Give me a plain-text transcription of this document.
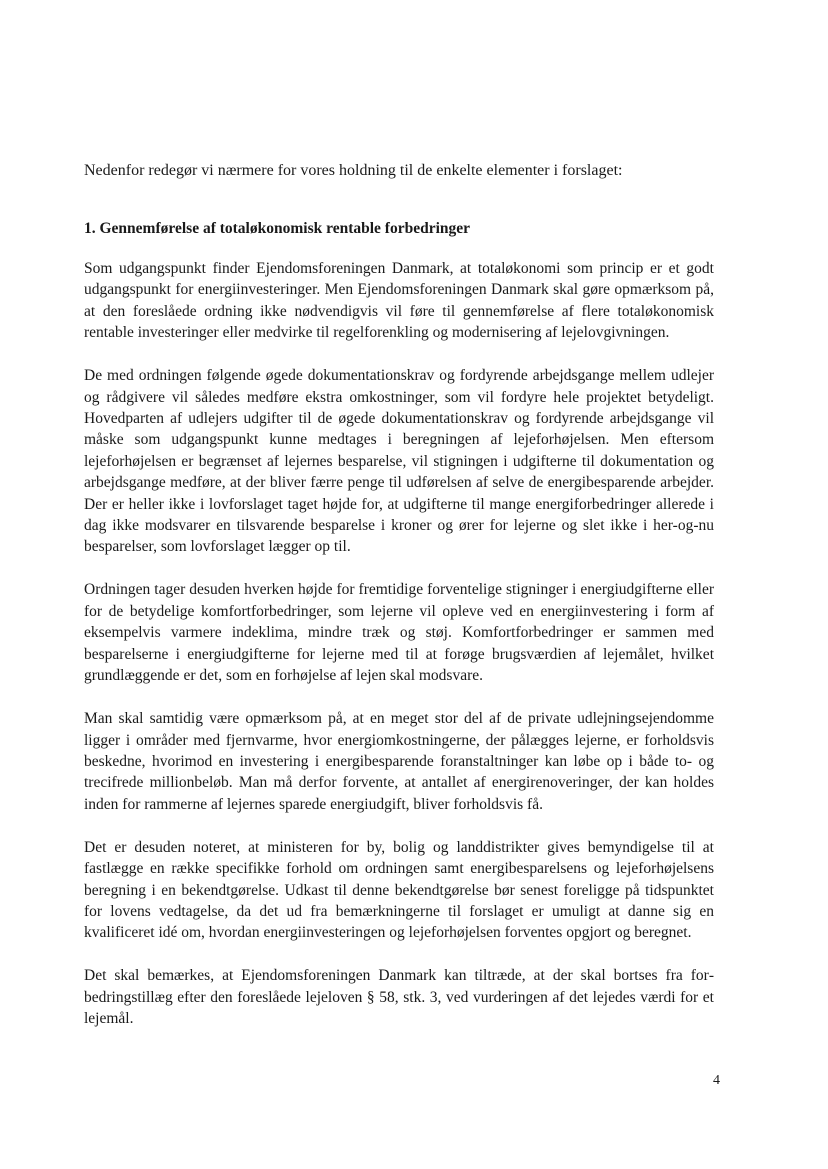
Nedenfor redegør vi nærmere for vores holdning til de enkelte elementer i forslaget:

1. Gennemførelse af totaløkonomisk rentable forbedringer

Som udgangspunkt finder Ejendomsforeningen Danmark, at totaløkonomi som princip er et godt udgangspunkt for energiinvesteringer. Men Ejendomsforeningen Danmark skal gøre opmærksom på, at den foreslåede ordning ikke nødvendigvis vil føre til gennemførelse af flere totaløkonomisk rentable investeringer eller medvirke til regelforenkling og modernisering af lejelovgivningen.

De med ordningen følgende øgede dokumentationskrav og fordyrende arbejdsgange mellem udlejer og rådgivere vil således medføre ekstra omkostninger, som vil fordyre hele projektet betydeligt. Hovedparten af udlejers udgifter til de øgede dokumentationskrav og fordyrende arbejdsgange vil måske som udgangspunkt kunne medtages i beregningen af lejeforhøjelsen. Men eftersom lejeforhøjelsen er begrænset af lejernes besparelse, vil stigningen i udgifterne til dokumentation og arbejdsgange medføre, at der bliver færre penge til udførelsen af selve de energibesparende arbejder. Der er heller ikke i lovforslaget taget højde for, at udgifterne til mange energiforbedringer allerede i dag ikke modsvarer en tilsvarende besparelse i kroner og ører for lejerne og slet ikke i her-og-nu besparelser, som lovforslaget lægger op til.

Ordningen tager desuden hverken højde for fremtidige forventelige stigninger i energiudgifterne eller for de betydelige komfortforbedringer, som lejerne vil opleve ved en energiinvestering i form af eksempelvis varmere indeklima, mindre træk og støj. Komfortforbedringer er sammen med besparelserne i energiudgifterne for lejerne med til at forøge brugsværdien af lejemålet, hvilket grundlæggende er det, som en forhøjelse af lejen skal modsvare.

Man skal samtidig være opmærksom på, at en meget stor del af de private udlejningsejendomme ligger i områder med fjernvarme, hvor energiomkostningerne, der pålægges lejerne, er forholdsvis beskedne, hvorimod en investering i energibesparende foranstaltninger kan løbe op i både to- og trecifrede millionbeløb. Man må derfor forvente, at antallet af energirenoveringer, der kan holdes inden for rammerne af lejernes sparede energiudgift, bliver forholdsvis få.

Det er desuden noteret, at ministeren for by, bolig og landdistrikter gives bemyndigelse til at fastlægge en række specifikke forhold om ordningen samt energibesparelsens og lejeforhøjelsens beregning i en bekendtgørelse. Udkast til denne bekendtgørelse bør senest foreligge på tidspunktet for lovens vedtagelse, da det ud fra bemærkningerne til forslaget er umuligt at danne sig en kvalificeret idé om, hvordan energiinvesteringen og lejeforhøjelsen forventes opgjort og beregnet.

Det skal bemærkes, at Ejendomsforeningen Danmark kan tiltræde, at der skal bortses fra forbedringstillæg efter den foreslåede lejeloven § 58, stk. 3, ved vurderingen af det lejedes værdi for et lejemål.

4
